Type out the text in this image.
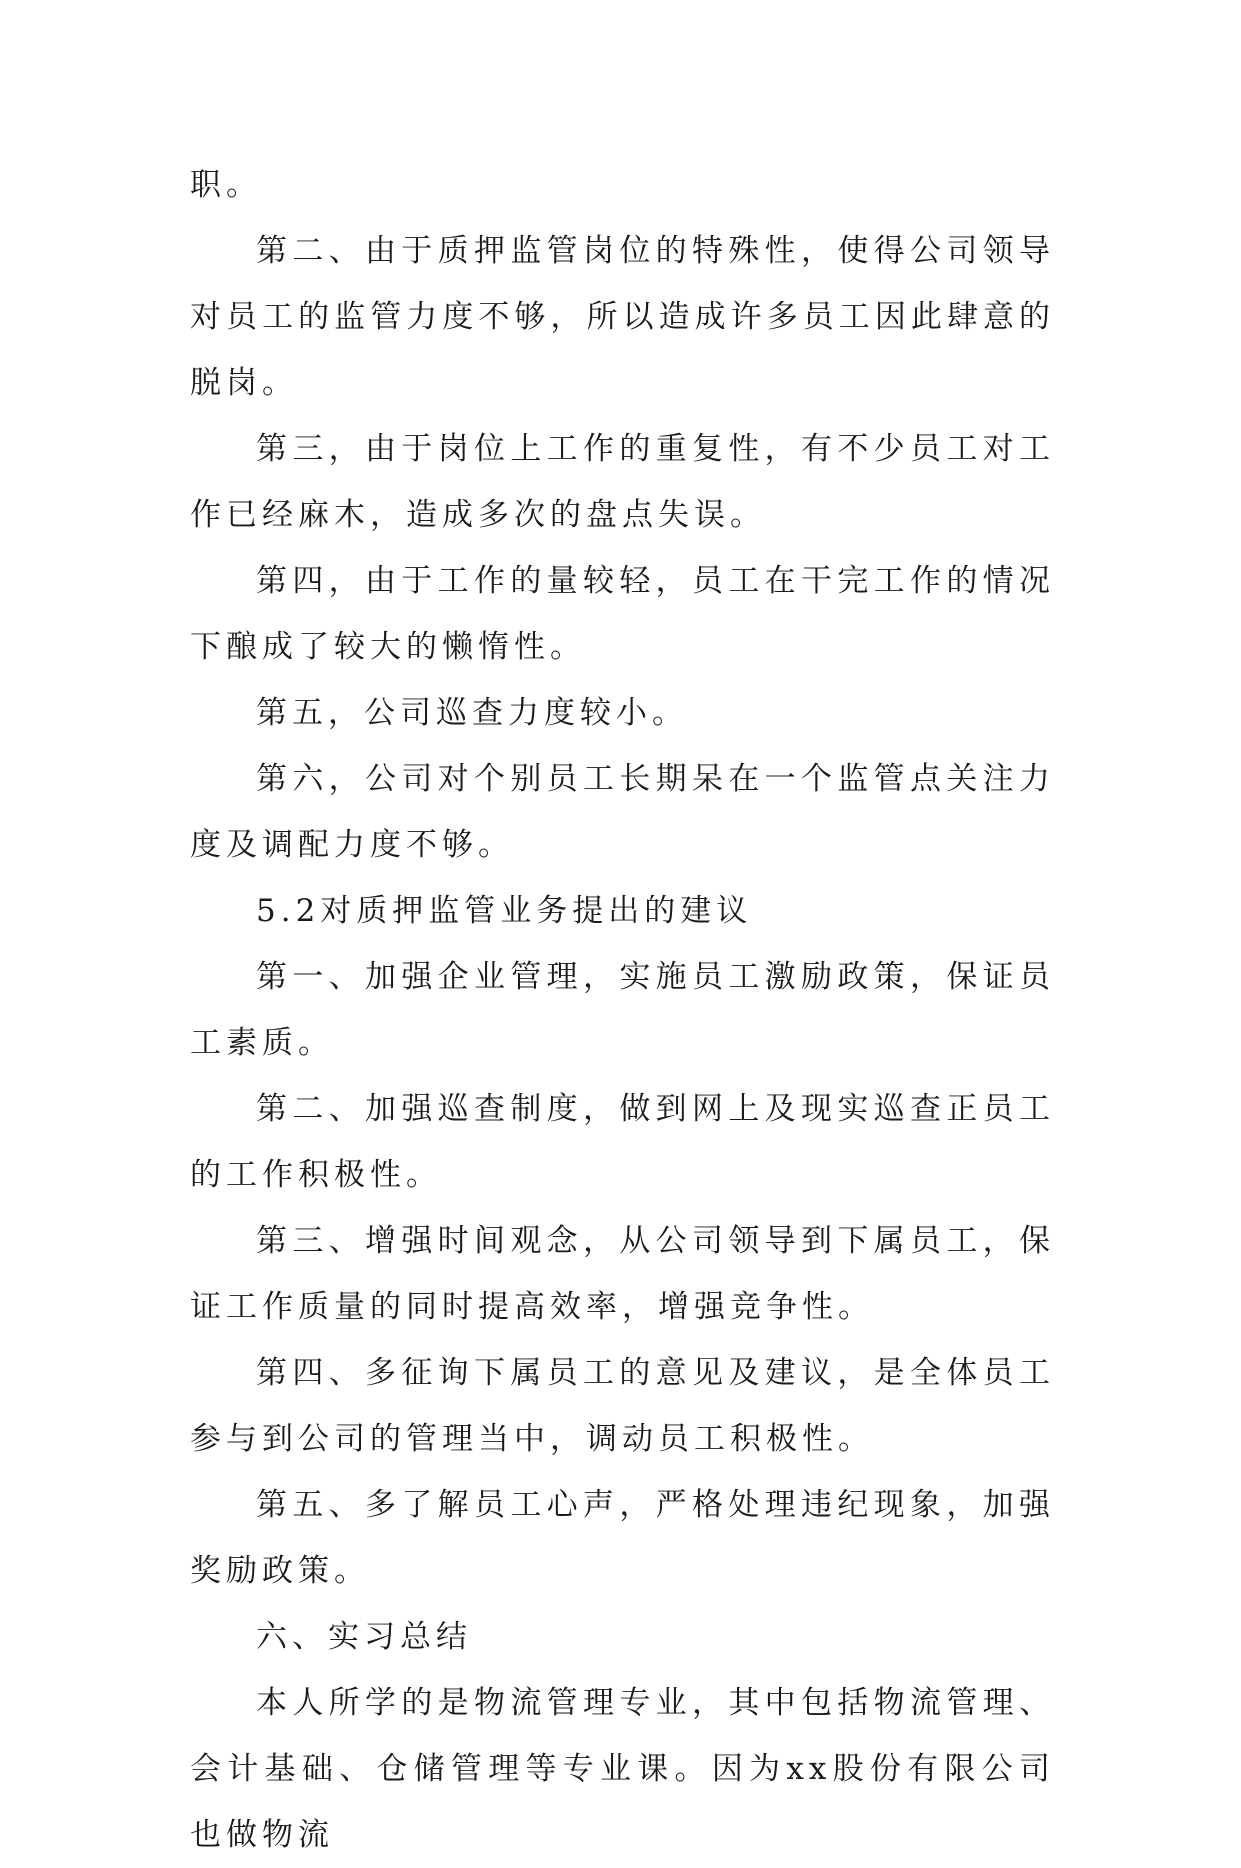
职。

第二、由于质押监管岗位的特殊性，使得公司领导对员工的监管力度不够，所以造成许多员工因此肆意的脱岗。

第三，由于岗位上工作的重复性，有不少员工对工作已经麻木，造成多次的盘点失误。

第四，由于工作的量较轻，员工在干完工作的情况下酿成了较大的懒惰性。

第五，公司巡查力度较小。

第六，公司对个别员工长期呆在一个监管点关注力度及调配力度不够。

5.2对质押监管业务提出的建议

第一、加强企业管理，实施员工激励政策，保证员工素质。

第二、加强巡查制度，做到网上及现实巡查正员工的工作积极性。

第三、增强时间观念，从公司领导到下属员工，保证工作质量的同时提高效率，增强竞争性。

第四、多征询下属员工的意见及建议，是全体员工参与到公司的管理当中，调动员工积极性。

第五、多了解员工心声，严格处理违纪现象，加强奖励政策。

六、实习总结

本人所学的是物流管理专业，其中包括物流管理、会计基础、仓储管理等专业课。因为xx股份有限公司也做物流
